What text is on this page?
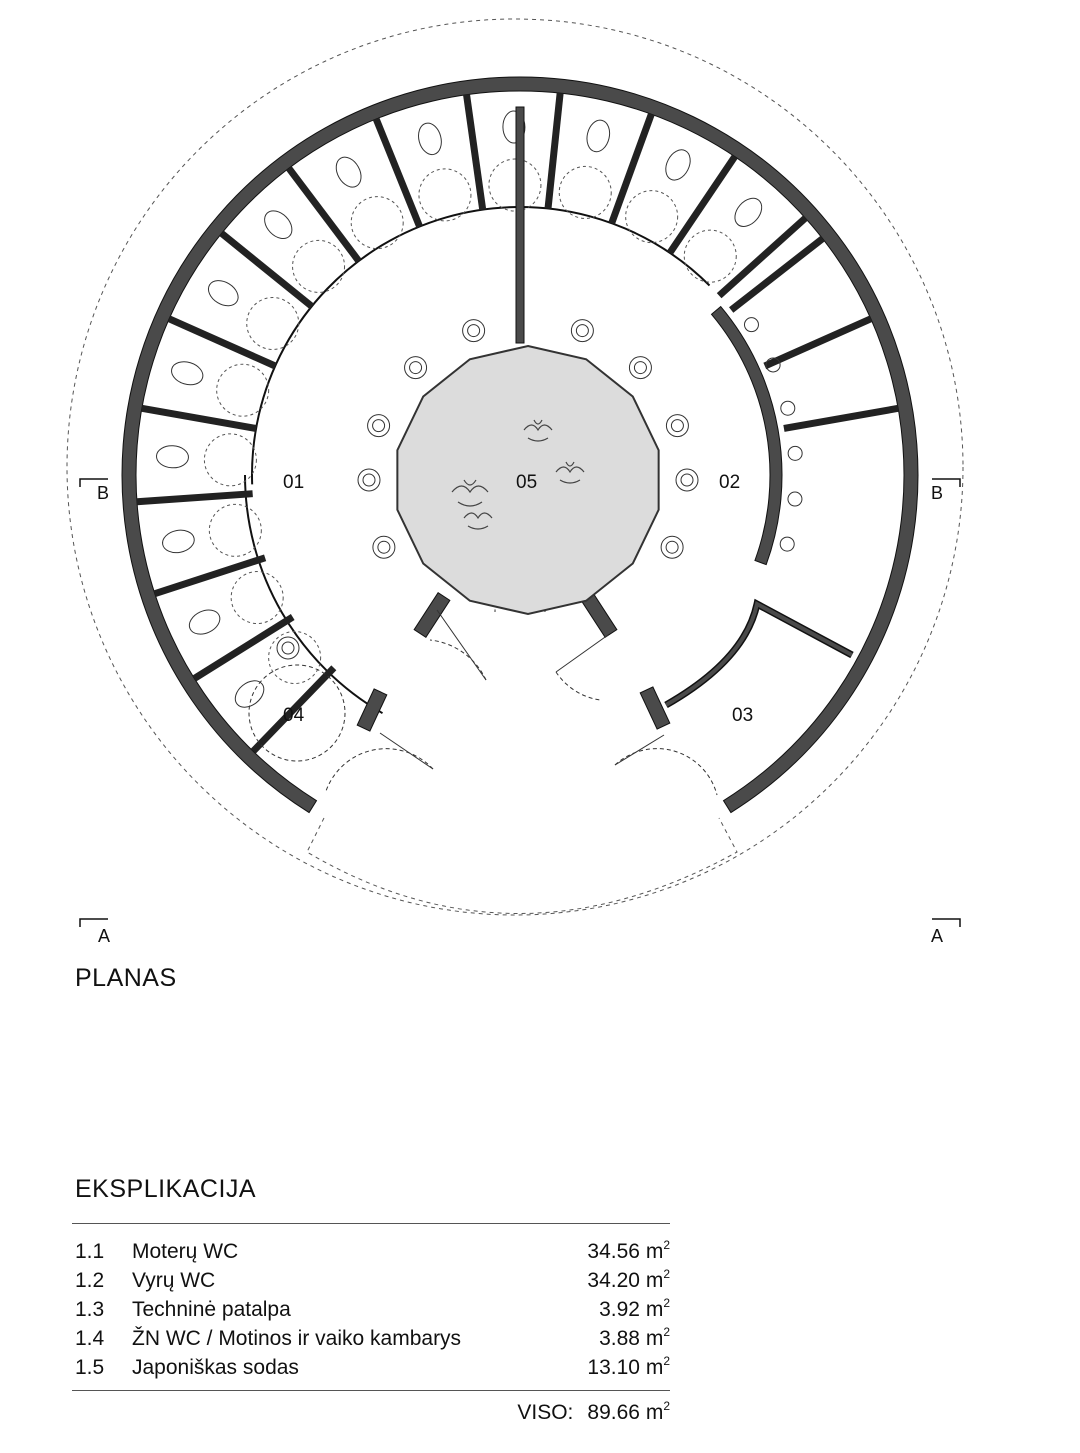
01	05	02
04	03
B	B
A	A
PLANAS
EKSPLIKACIJA
1.1 Moterų WC	34.56 $m^2$
1.2 Vyrų WC	34.20 $m^2$
1.3 Techninė patalpa	3.92 $m^2$
1.4 ŽN WC / Motinos ir vaiko kambarys	3.88 $m^2$
1.5 Japoniškas sodas	13.10 $m^2$
VISO: 89.66 $m^2$
